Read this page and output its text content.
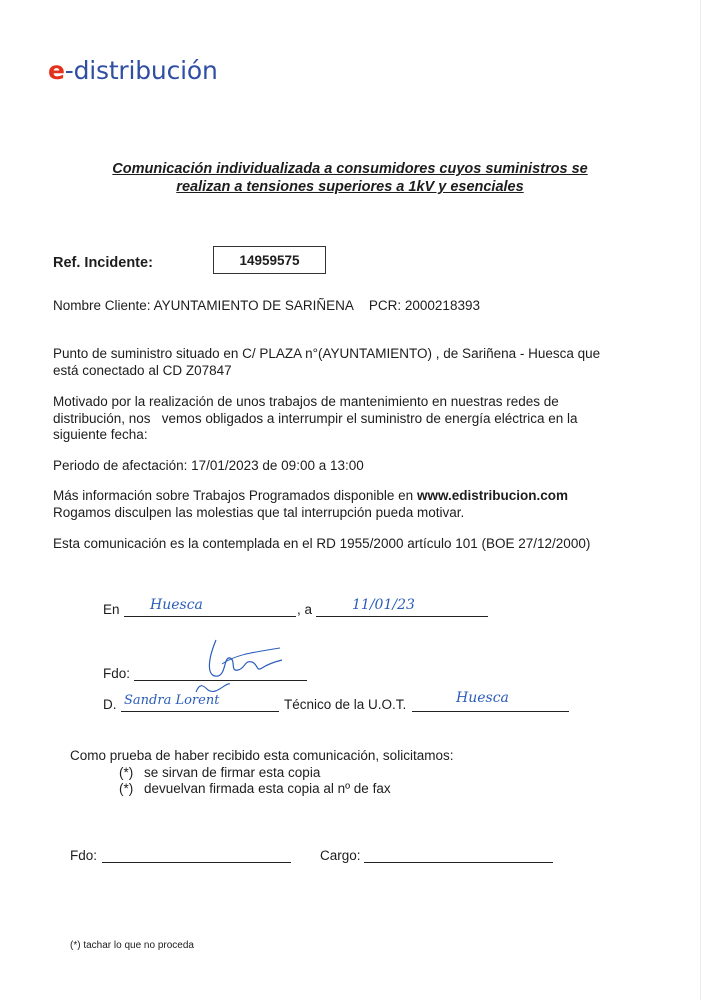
e-distribución
Comunicación individualizada a consumidores cuyos suministros se
realizan a tensiones superiores a 1kV y esenciales
Ref. Incidente:	14959575
Nombre Cliente: AYUNTAMIENTO DE SARIÑENA PCR: 2000218393
Punto de suministro situado en C/ PLAZA n°(AYUNTAMIENTO) , de Sariñena - Huesca que
está conectado al CD Z07847
Motivado por la realización de unos trabajos de mantenimiento en nuestras redes de
distribución, nos   vemos obligados a interrumpir el suministro de energía eléctrica en la
siguiente fecha:
Periodo de afectación: 17/01/2023 de 09:00 a 13:00
Más información sobre Trabajos Programados disponible en www.edistribucion.com
Rogamos disculpen las molestias que tal interrupción pueda motivar.
Esta comunicación es la contemplada en el RD 1955/2000 artículo 101 (BOE 27/12/2000)
En Huesca	, a	11/01/23
Fdo:
D. Sandra Lorent	Técnico de la U.O.T.	Huesca
Como prueba de haber recibido esta comunicación, solicitamos:
(*) se sirvan de firmar esta copia
(*) devuelvan firmada esta copia al nº de fax
Fdo:	Cargo:
(*) tachar lo que no proceda
